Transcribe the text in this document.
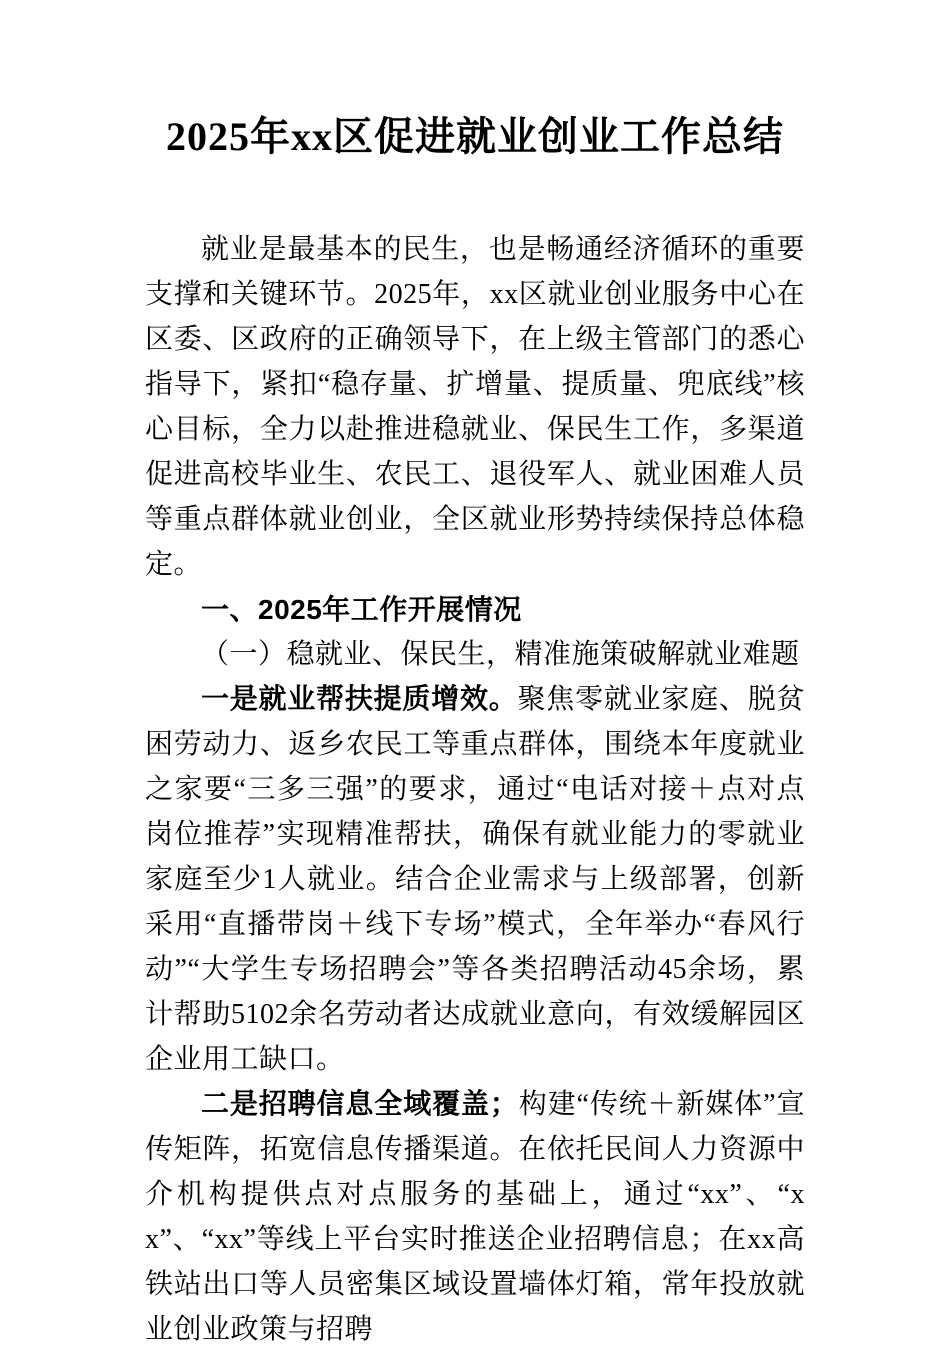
2025年xx区促进就业创业工作总结

就业是最基本的民生，也是畅通经济循环的重要支撑和关键环节。2025年，xx区就业创业服务中心在区委、区政府的正确领导下，在上级主管部门的悉心指导下，紧扣“稳存量、扩增量、提质量、兜底线”核心目标，全力以赴推进稳就业、保民生工作，多渠道促进高校毕业生、农民工、退役军人、就业困难人员等重点群体就业创业，全区就业形势持续保持总体稳定。

一、2025年工作开展情况

（一）稳就业、保民生，精准施策破解就业难题

一是就业帮扶提质增效。聚焦零就业家庭、脱贫困劳动力、返乡农民工等重点群体，围绕本年度就业之家要“三多三强”的要求，通过“电话对接＋点对点岗位推荐”实现精准帮扶，确保有就业能力的零就业家庭至少1人就业。结合企业需求与上级部署，创新采用“直播带岗＋线下专场”模式，全年举办“春风行动”“大学生专场招聘会”等各类招聘活动45余场，累计帮助5102余名劳动者达成就业意向，有效缓解园区企业用工缺口。

二是招聘信息全域覆盖；构建“传统＋新媒体”宣传矩阵，拓宽信息传播渠道。在依托民间人力资源中介机构提供点对点服务的基础上，通过“xx”、“xx”、“xx”等线上平台实时推送企业招聘信息；在xx高铁站出口等人员密集区域设置墙体灯箱，常年投放就业创业政策与招聘
